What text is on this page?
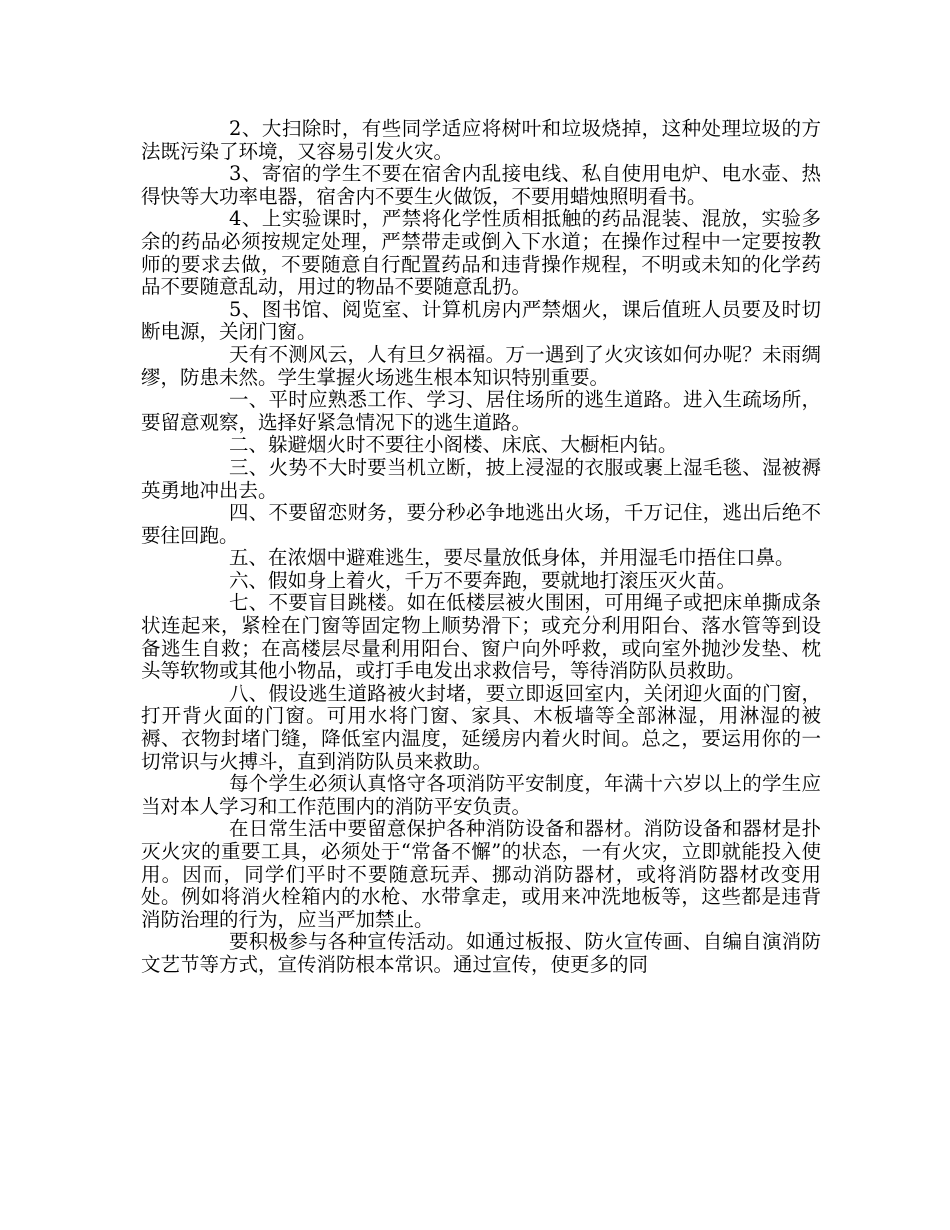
2、大扫除时，有些同学适应将树叶和垃圾烧掉，这种处理垃圾的方法既污染了环境，又容易引发火灾。

3、寄宿的学生不要在宿舍内乱接电线、私自使用电炉、电水壶、热得快等大功率电器，宿舍内不要生火做饭，不要用蜡烛照明看书。

4、上实验课时，严禁将化学性质相抵触的药品混装、混放，实验多余的药品必须按规定处理，严禁带走或倒入下水道；在操作过程中一定要按教师的要求去做，不要随意自行配置药品和违背操作规程，不明或未知的化学药品不要随意乱动，用过的物品不要随意乱扔。

5、图书馆、阅览室、计算机房内严禁烟火，课后值班人员要及时切断电源，关闭门窗。

天有不测风云，人有旦夕祸福。万一遇到了火灾该如何办呢？未雨绸缪，防患未然。学生掌握火场逃生根本知识特别重要。

一、平时应熟悉工作、学习、居住场所的逃生道路。进入生疏场所，要留意观察，选择好紧急情况下的逃生道路。

二、躲避烟火时不要往小阁楼、床底、大橱柜内钻。

三、火势不大时要当机立断，披上浸湿的衣服或裹上湿毛毯、湿被褥英勇地冲出去。

四、不要留恋财务，要分秒必争地逃出火场，千万记住，逃出后绝不要往回跑。

五、在浓烟中避难逃生，要尽量放低身体，并用湿毛巾捂住口鼻。

六、假如身上着火，千万不要奔跑，要就地打滚压灭火苗。

七、不要盲目跳楼。如在低楼层被火围困，可用绳子或把床单撕成条状连起来，紧栓在门窗等固定物上顺势滑下；或充分利用阳台、落水管等到设备逃生自救；在高楼层尽量利用阳台、窗户向外呼救，或向室外抛沙发垫、枕头等软物或其他小物品，或打手电发出求救信号，等待消防队员救助。

八、假设逃生道路被火封堵，要立即返回室内，关闭迎火面的门窗，打开背火面的门窗。可用水将门窗、家具、木板墙等全部淋湿，用淋湿的被褥、衣物封堵门缝，降低室内温度，延缓房内着火时间。总之，要运用你的一切常识与火搏斗，直到消防队员来救助。

每个学生必须认真恪守各项消防平安制度，年满十六岁以上的学生应当对本人学习和工作范围内的消防平安负责。

在日常生活中要留意保护各种消防设备和器材。消防设备和器材是扑灭火灾的重要工具，必须处于“常备不懈”的状态，一有火灾，立即就能投入使用。因而，同学们平时不要随意玩弄、挪动消防器材，或将消防器材改变用处。例如将消火栓箱内的水枪、水带拿走，或用来冲洗地板等，这些都是违背消防治理的行为，应当严加禁止。

要积极参与各种宣传活动。如通过板报、防火宣传画、自编自演消防文艺节等方式，宣传消防根本常识。通过宣传，使更多的同
